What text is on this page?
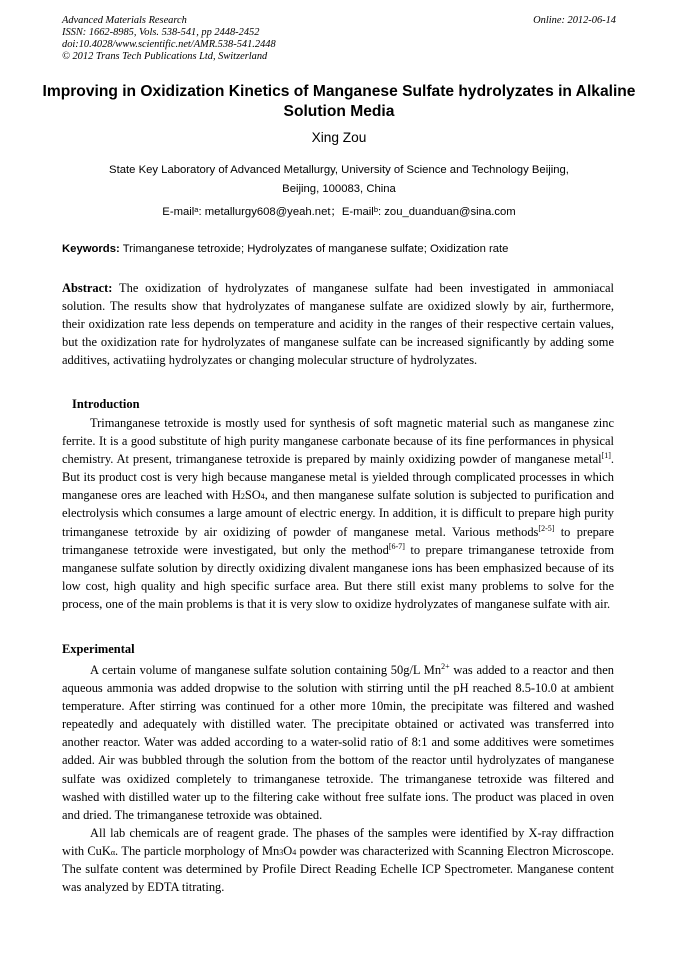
Advanced Materials Research
ISSN: 1662-8985, Vols. 538-541, pp 2448-2452
doi:10.4028/www.scientific.net/AMR.538-541.2448
© 2012 Trans Tech Publications Ltd, Switzerland
Online: 2012-06-14
Improving in Oxidization Kinetics of Manganese Sulfate hydrolyzates in Alkaline Solution Media
Xing Zou
State Key Laboratory of Advanced Metallurgy, University of Science and Technology Beijing,
Beijing, 100083, China
E-mail$^a$: metallurgy608@yeah.net；E-mail$^b$: zou_duanduan@sina.com
Keywords: Trimanganese tetroxide; Hydrolyzates of manganese sulfate; Oxidization rate

Abstract: The oxidization of hydrolyzates of manganese sulfate had been investigated in ammoniacal solution. The results show that hydrolyzates of manganese sulfate are oxidized slowly by air, furthermore, their oxidization rate less depends on temperature and acidity in the ranges of their respective certain values, but the oxidization rate for hydrolyzates of manganese sulfate can be increased significantly by adding some additives, activatiing hydrolyzates or changing molecular structure of hydrolyzates.

Introduction

Trimanganese tetroxide is mostly used for synthesis of soft magnetic material such as manganese zinc ferrite. It is a good substitute of high purity manganese carbonate because of its fine performances in physical chemistry. At present, trimanganese tetroxide is prepared by mainly oxidizing powder of manganese metal[1]. But its product cost is very high because manganese metal is yielded through complicated processes in which manganese ores are leached with $H_2SO_4$, and then manganese sulfate solution is subjected to purification and electrolysis which consumes a large amount of electric energy. In addition, it is difficult to prepare high purity trimanganese tetroxide by air oxidizing of powder of manganese metal. Various methods[2-5] to prepare trimanganese tetroxide were investigated, but only the method[6-7] to prepare trimanganese tetroxide from manganese sulfate solution by directly oxidizing divalent manganese ions has been emphasized because of its low cost, high quality and high specific surface area. But there still exist many problems to solve for the process, one of the main problems is that it is very slow to oxidize hydrolyzates of manganese sulfate with air.

Experimental

A certain volume of manganese sulfate solution containing 50g/L $Mn^{2+}$ was added to a reactor and then aqueous ammonia was added dropwise to the solution with stirring until the pH reached 8.5-10.0 at ambient temperature. After stirring was continued for a other more 10min, the precipitate was filtered and washed repeatedly and adequately with distilled water. The precipitate obtained or activated was transferred into another reactor. Water was added according to a water-solid ratio of 8:1 and some additives were sometimes added. Air was bubbled through the solution from the bottom of the reactor until hydrolyzates of manganese sulfate was oxidized completely to trimanganese tetroxide. The trimanganese tetroxide was filtered and washed with distilled water up to the filtering cake without free sulfate ions. The product was placed in oven and dried. The trimanganese tetroxide was obtained.

All lab chemicals are of reagent grade. The phases of the samples were identified by X-ray diffraction with CuK$_\alpha$. The particle morphology of $Mn_3O_4$ powder was characterized with Scanning Electron Microscope. The sulfate content was determined by Profile Direct Reading Echelle ICP Spectrometer. Manganese content was analyzed by EDTA titrating.
